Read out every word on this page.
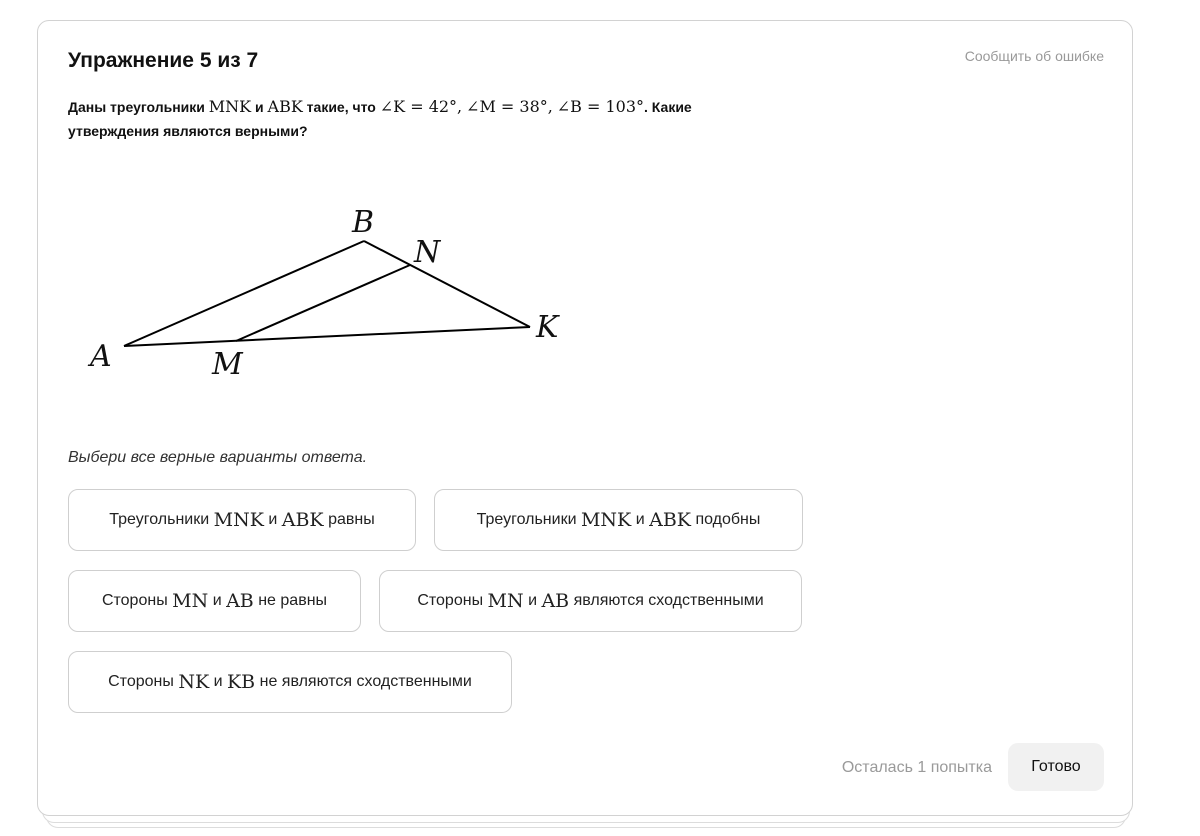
Упражнение 5 из 7	Сообщить об ошибке
Даны треугольники MNK и ABK такие, что ∠K = 42°, ∠M = 38°, ∠B = 103°. Какие утверждения являются верными?
A
B
N
K
M
Выбери все верные варианты ответа.
Треугольники
MNK
и
ABK
равны	Треугольники
MNK
и
ABK
подобны
Стороны
MN
и
AB
не равны	Стороны
MN
и
AB
являются сходственными
Стороны
NK
и
KB
не являются сходственными
Осталась 1 попытка	Готово
